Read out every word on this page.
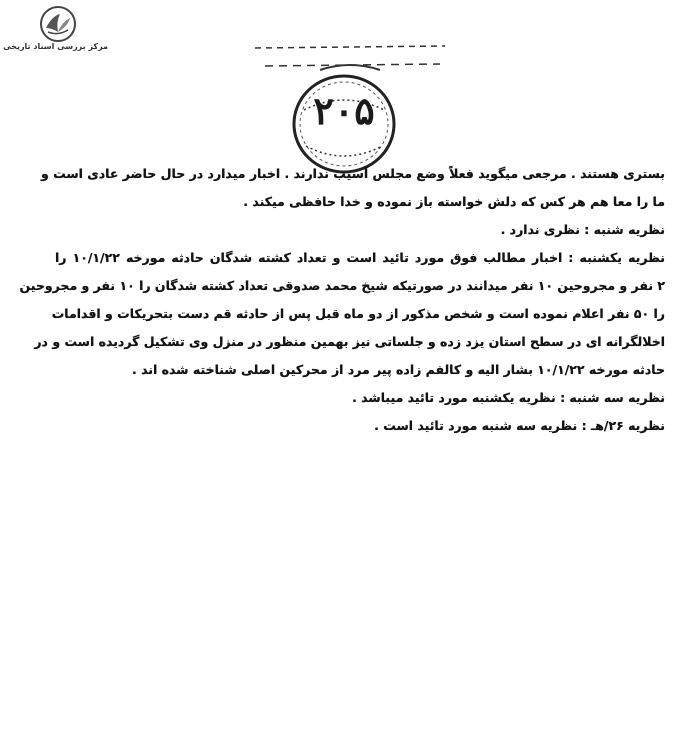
مرکز بررسی اسناد تاریخی
۲۰۵
بستری هستند . مرجعی میگوید فعلاً وضع مجلس آسیب ندارند . اخبار میدارد در حال حاضر عادی است و
ما را معا هم هر کس که دلش خواسته باز نموده و خدا حافظی میکند .
نظریه شنبه : نظری ندارد .
نظریه یکشنبه : اخبار مطالب فوق مورد تائید است و تعداد کشته شدگان حادثه مورخه ۱۰/۱/۲۲ را
۲ نفر و مجروحین ۱۰ نفر میدانند در صورتیکه شیخ محمد صدوقی تعداد کشته شدگان را ۱۰ نفر و مجروحین
را ۵۰ نفر اعلام نموده است و شخص مذکور از دو ماه قبل پس از حادثه قم دست بتحریکات و اقدامات
اخلالگرانه ای در سطح استان یزد زده و جلساتی نیز بهمین منظور در منزل وی تشکیل گردیده است و در
حادثه مورخه ۱۰/۱/۲۲ بشار الیه و کالفم زاده پیر مرد از محرکین اصلی شناخته شده اند .
نظریه سه شنبه : نظریه یکشنبه مورد تائید میباشد .
نظریه ۲۶/هـ : نظریه سه شنبه مورد تائید است .
